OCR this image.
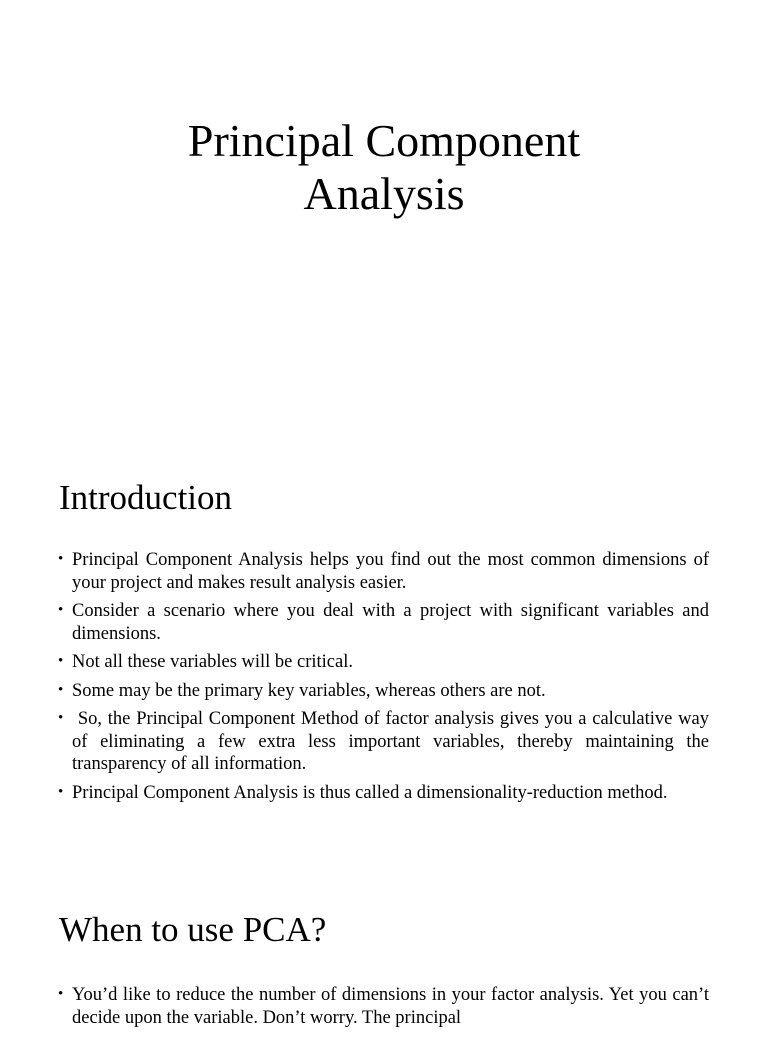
Principal Component
Analysis
Introduction
• Principal Component Analysis helps you find out the most common dimensions of your project and makes result analysis easier.
• Consider a scenario where you deal with a project with significant variables and dimensions.
• Not all these variables will be critical.
• Some may be the primary key variables, whereas others are not.
• So, the Principal Component Method of factor analysis gives you a calculative way of eliminating a few extra less important variables, thereby maintaining the transparency of all information.
• Principal Component Analysis is thus called a dimensionality-reduction method.
When to use PCA?
• You’d like to reduce the number of dimensions in your factor analysis. Yet you can’t decide upon the variable. Don’t worry. The principal
